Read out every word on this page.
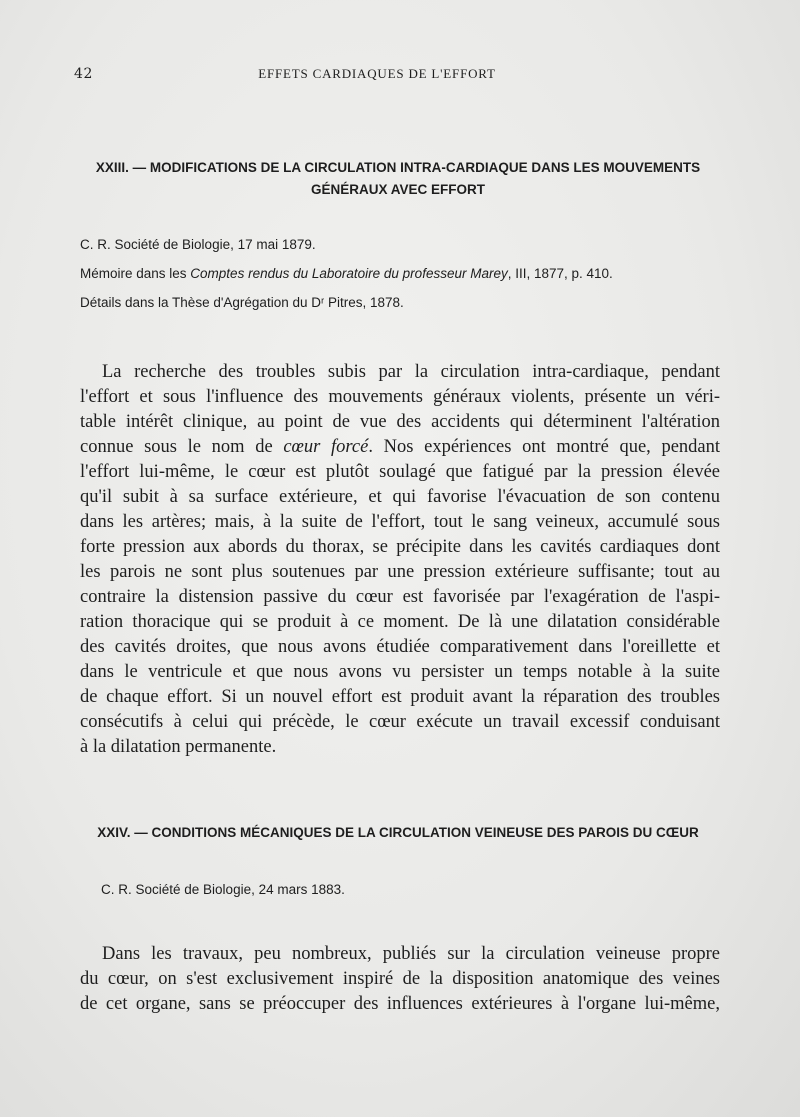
42	EFFETS CARDIAQUES DE L'EFFORT
XXIII. — MODIFICATIONS DE LA CIRCULATION INTRA-CARDIAQUE DANS LES MOUVEMENTS
GÉNÉRAUX AVEC EFFORT

C. R. Société de Biologie, 17 mai 1879.

Mémoire dans les Comptes rendus du Laboratoire du professeur Marey, III, 1877, p. 410.

Détails dans la Thèse d'Agrégation du Dʳ Pitres, 1878.

La recherche des troubles subis par la circulation intra-cardiaque, pendant
l'effort et sous l'influence des mouvements généraux violents, présente un véri-
table intérêt clinique, au point de vue des accidents qui déterminent l'altération
connue sous le nom de cœur forcé. Nos expériences ont montré que, pendant
l'effort lui-même, le cœur est plutôt soulagé que fatigué par la pression élevée
qu'il subit à sa surface extérieure, et qui favorise l'évacuation de son contenu
dans les artères; mais, à la suite de l'effort, tout le sang veineux, accumulé sous
forte pression aux abords du thorax, se précipite dans les cavités cardiaques dont
les parois ne sont plus soutenues par une pression extérieure suffisante; tout au
contraire la distension passive du cœur est favorisée par l'exagération de l'aspi-
ration thoracique qui se produit à ce moment. De là une dilatation considérable
des cavités droites, que nous avons étudiée comparativement dans l'oreillette et
dans le ventricule et que nous avons vu persister un temps notable à la suite
de chaque effort. Si un nouvel effort est produit avant la réparation des troubles
consécutifs à celui qui précède, le cœur exécute un travail excessif conduisant
à la dilatation permanente.
XXIV. — CONDITIONS MÉCANIQUES DE LA CIRCULATION VEINEUSE DES PAROIS DU CŒUR

C. R. Société de Biologie, 24 mars 1883.

Dans les travaux, peu nombreux, publiés sur la circulation veineuse propre
du cœur, on s'est exclusivement inspiré de la disposition anatomique des veines
de cet organe, sans se préoccuper des influences extérieures à l'organe lui-même,
